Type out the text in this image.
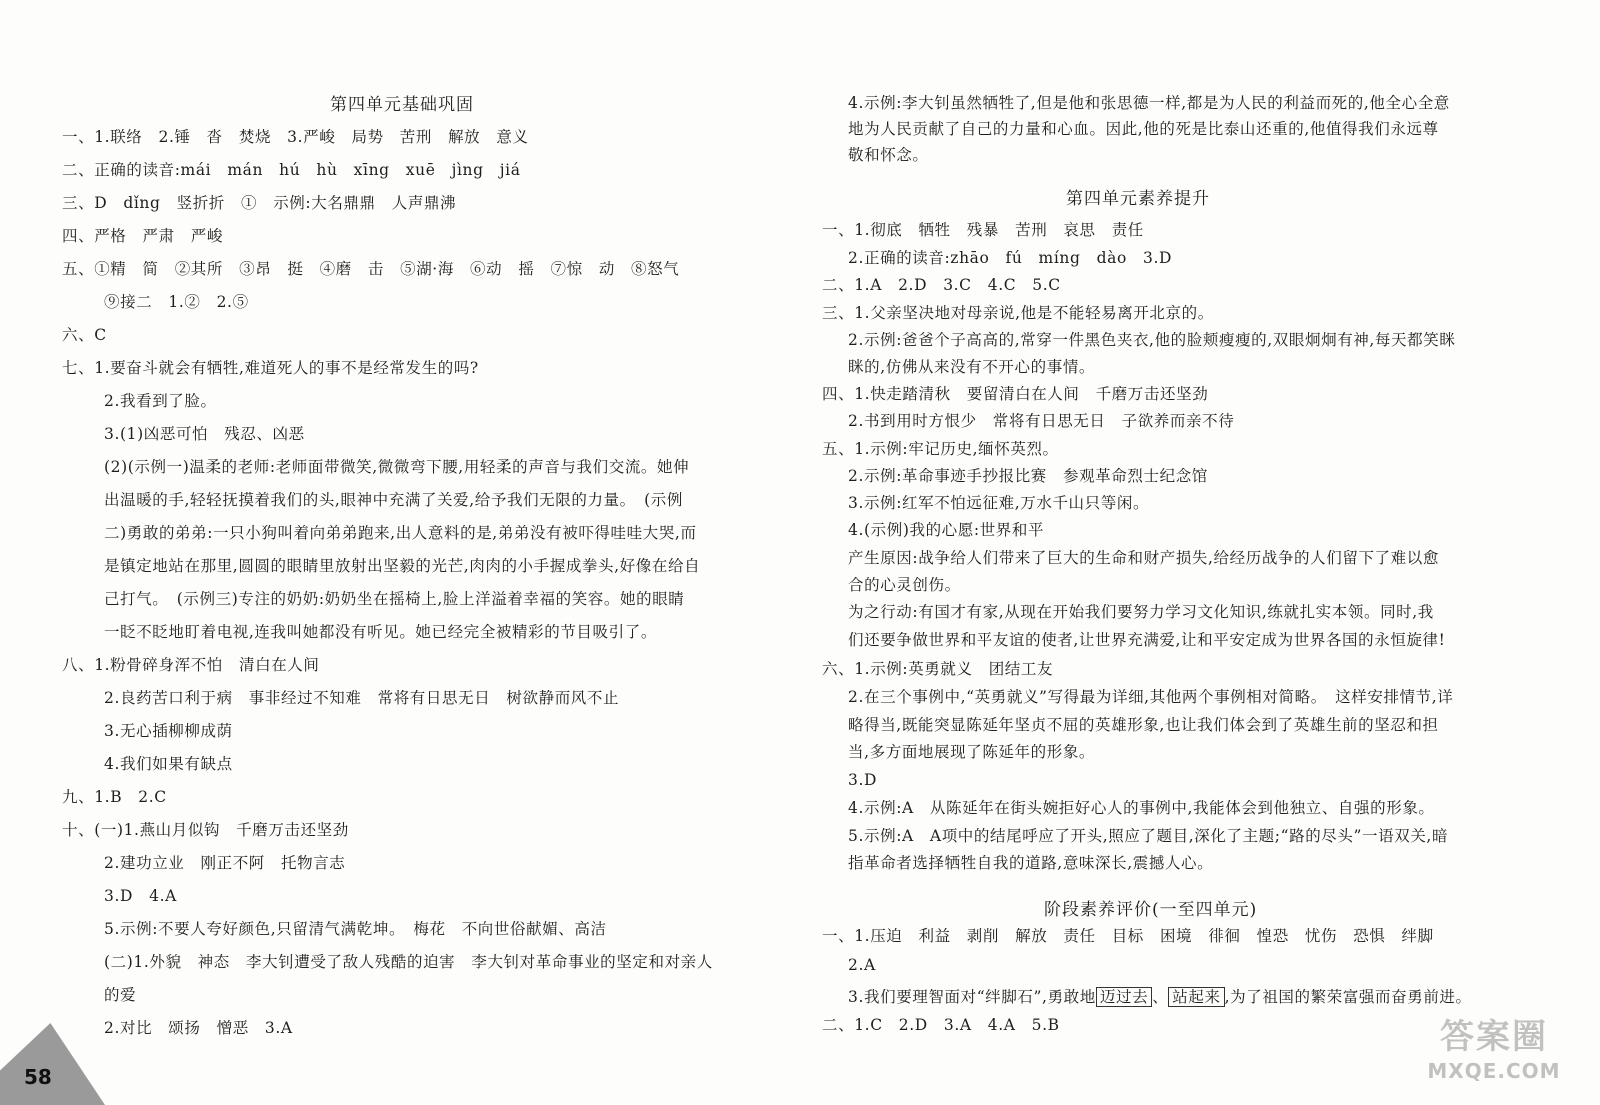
第四单元基础巩固
一、1.联络　2.锤　沓　焚烧　3.严峻　局势　苦刑　解放　意义
二、正确的读音:mái　mán　hú　hù　xīng　xuē　jìng　jiá
三、D　dǐng　竖折折　①　示例:大名鼎鼎　人声鼎沸
四、严格　严肃　严峻
五、①精　简　②其所　③昂　挺　④磨　击　⑤湖·海　⑥动　摇　⑦惊　动　⑧怒气
⑨接二　1.②　2.⑤
六、C
七、1.要奋斗就会有牺牲,难道死人的事不是经常发生的吗?
2.我看到了脸。
3.(1)凶恶可怕　残忍、凶恶
(2)(示例一)温柔的老师:老师面带微笑,微微弯下腰,用轻柔的声音与我们交流。她伸
出温暖的手,轻轻抚摸着我们的头,眼神中充满了关爱,给予我们无限的力量。　(示例
二)勇敢的弟弟:一只小狗叫着向弟弟跑来,出人意料的是,弟弟没有被吓得哇哇大哭,而
是镇定地站在那里,圆圆的眼睛里放射出坚毅的光芒,肉肉的小手握成拳头,好像在给自
己打气。　(示例三)专注的奶奶:奶奶坐在摇椅上,脸上洋溢着幸福的笑容。她的眼睛
一眨不眨地盯着电视,连我叫她都没有听见。她已经完全被精彩的节目吸引了。
八、1.粉骨碎身浑不怕　清白在人间
2.良药苦口利于病　事非经过不知难　常将有日思无日　树欲静而风不止
3.无心插柳柳成荫
4.我们如果有缺点
九、1.B　2.C
十、(一)1.燕山月似钩　千磨万击还坚劲
2.建功立业　刚正不阿　托物言志
3.D　4.A
5.示例:不要人夸好颜色,只留清气满乾坤。　梅花　不向世俗献媚、高洁
(二)1.外貌　神态　李大钊遭受了敌人残酷的迫害　李大钊对革命事业的坚定和对亲人
的爱
2.对比　颂扬　憎恶　3.A
4.示例:李大钊虽然牺牲了,但是他和张思德一样,都是为人民的利益而死的,他全心全意
地为人民贡献了自己的力量和心血。因此,他的死是比泰山还重的,他值得我们永远尊
敬和怀念。
第四单元素养提升
一、1.彻底　牺牲　残暴　苦刑　哀思　责任
2.正确的读音:zhāo　fú　míng　dào　3.D
二、1.A　2.D　3.C　4.C　5.C
三、1.父亲坚决地对母亲说,他是不能轻易离开北京的。
2.示例:爸爸个子高高的,常穿一件黑色夹衣,他的脸颊瘦瘦的,双眼炯炯有神,每天都笑眯
眯的,仿佛从来没有不开心的事情。
四、1.快走踏清秋　要留清白在人间　千磨万击还坚劲
2.书到用时方恨少　常将有日思无日　子欲养而亲不待
五、1.示例:牢记历史,缅怀英烈。
2.示例:革命事迹手抄报比赛　参观革命烈士纪念馆
3.示例:红军不怕远征难,万水千山只等闲。
4.(示例)我的心愿:世界和平
产生原因:战争给人们带来了巨大的生命和财产损失,给经历战争的人们留下了难以愈
合的心灵创伤。
为之行动:有国才有家,从现在开始我们要努力学习文化知识,练就扎实本领。同时,我
们还要争做世界和平友谊的使者,让世界充满爱,让和平安定成为世界各国的永恒旋律!
六、1.示例:英勇就义　团结工友
2.在三个事例中,“英勇就义”写得最为详细,其他两个事例相对简略。　这样安排情节,详
略得当,既能突显陈延年坚贞不屈的英雄形象,也让我们体会到了英雄生前的坚忍和担
当,多方面地展现了陈延年的形象。
3.D
4.示例:A　从陈延年在街头婉拒好心人的事例中,我能体会到他独立、自强的形象。
5.示例:A　A项中的结尾呼应了开头,照应了题目,深化了主题;“路的尽头”一语双关,暗
指革命者选择牺牲自我的道路,意味深长,震撼人心。
阶段素养评价(一至四单元)
一、1.压迫　利益　剥削　解放　责任　目标　困境　徘徊　惶恐　忧伤　恐惧　绊脚
2.A
3.我们要理智面对“绊脚石”,勇敢地 迈过去 、 站起来 ,为了祖国的繁荣富强而奋勇前进。
二、1.C　2.D　3.A　4.A　5.B
58
答案圈
MXQE.COM
